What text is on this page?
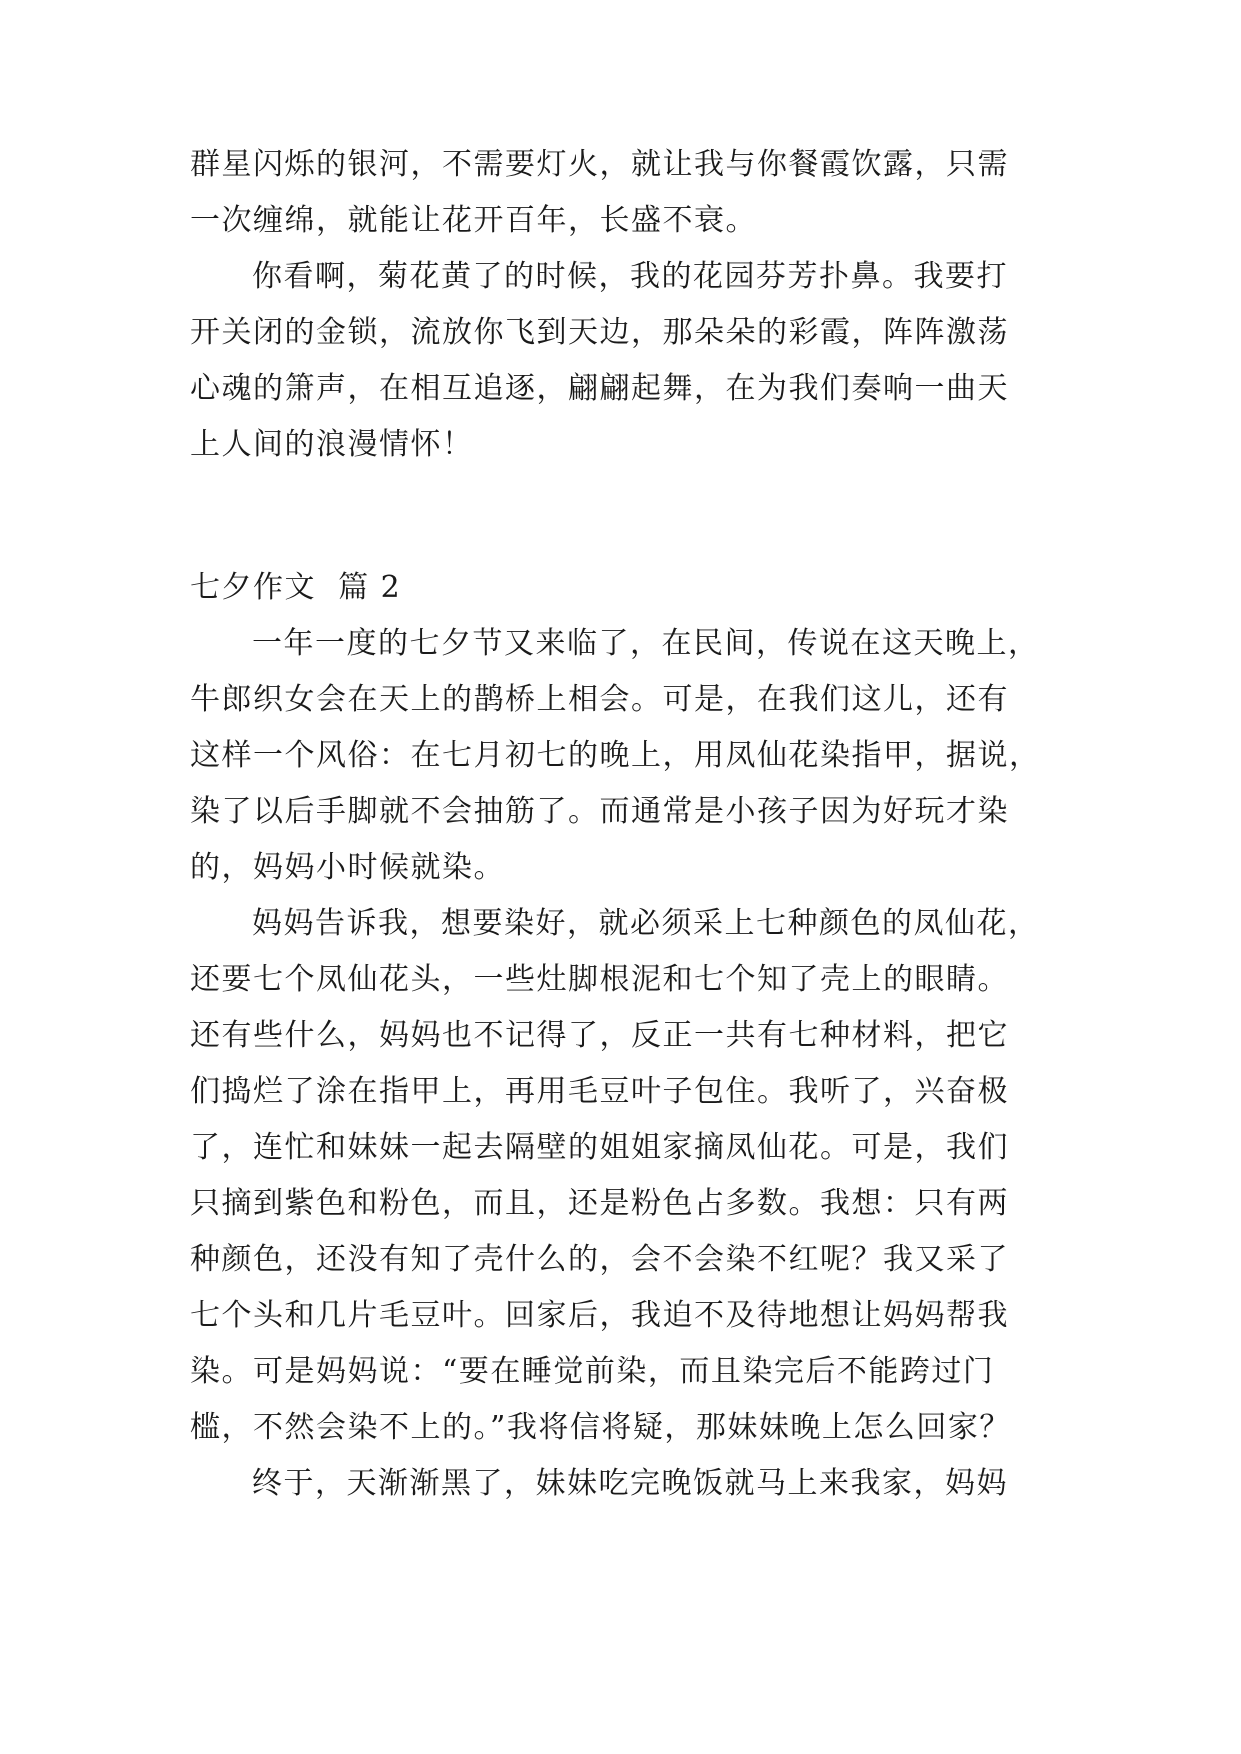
群星闪烁的银河，不需要灯火，就让我与你餐霞饮露，只需
一次缠绵，就能让花开百年，长盛不衰。
你看啊，菊花黄了的时候，我的花园芬芳扑鼻。我要打
开关闭的金锁，流放你飞到天边，那朵朵的彩霞，阵阵激荡
心魂的箫声，在相互追逐，翩翩起舞，在为我们奏响一曲天
上人间的浪漫情怀！
七夕作文  篇 2
一年一度的七夕节又来临了，在民间，传说在这天晚上，
牛郎织女会在天上的鹊桥上相会。可是，在我们这儿，还有
这样一个风俗：在七月初七的晚上，用凤仙花染指甲，据说，
染了以后手脚就不会抽筋了。而通常是小孩子因为好玩才染
的，妈妈小时候就染。
妈妈告诉我，想要染好，就必须采上七种颜色的凤仙花，
还要七个凤仙花头，一些灶脚根泥和七个知了壳上的眼睛。
还有些什么，妈妈也不记得了，反正一共有七种材料，把它
们捣烂了涂在指甲上，再用毛豆叶子包住。我听了，兴奋极
了，连忙和妹妹一起去隔壁的姐姐家摘凤仙花。可是，我们
只摘到紫色和粉色，而且，还是粉色占多数。我想：只有两
种颜色，还没有知了壳什么的，会不会染不红呢？我又采了
七个头和几片毛豆叶。回家后，我迫不及待地想让妈妈帮我
染。可是妈妈说：“要在睡觉前染，而且染完后不能跨过门
槛，不然会染不上的。”我将信将疑，那妹妹晚上怎么回家？
终于，天渐渐黑了，妹妹吃完晚饭就马上来我家，妈妈
